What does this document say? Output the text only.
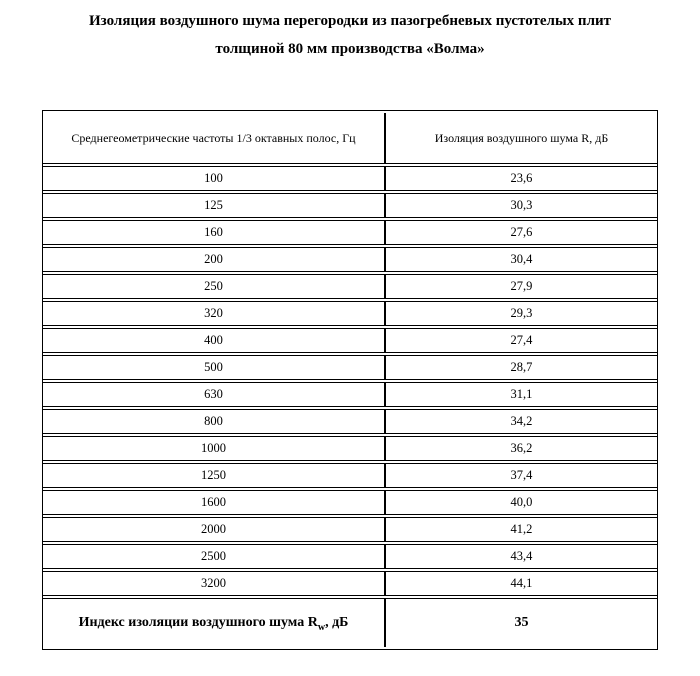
Изоляция воздушного шума перегородки из пазогребневых пустотелых плит
толщиной 80 мм производства «Волма»
Среднегеометрические частоты 1/3 октавных полос, Гц	Изоляция воздушного шума R, дБ
100	23,6
125	30,3
160	27,6
200	30,4
250	27,9
320	29,3
400	27,4
500	28,7
630	31,1
800	34,2
1000	36,2
1250	37,4
1600	40,0
2000	41,2
2500	43,4
3200	44,1
Индекс изоляции воздушного шума $R_w$, дБ	35
